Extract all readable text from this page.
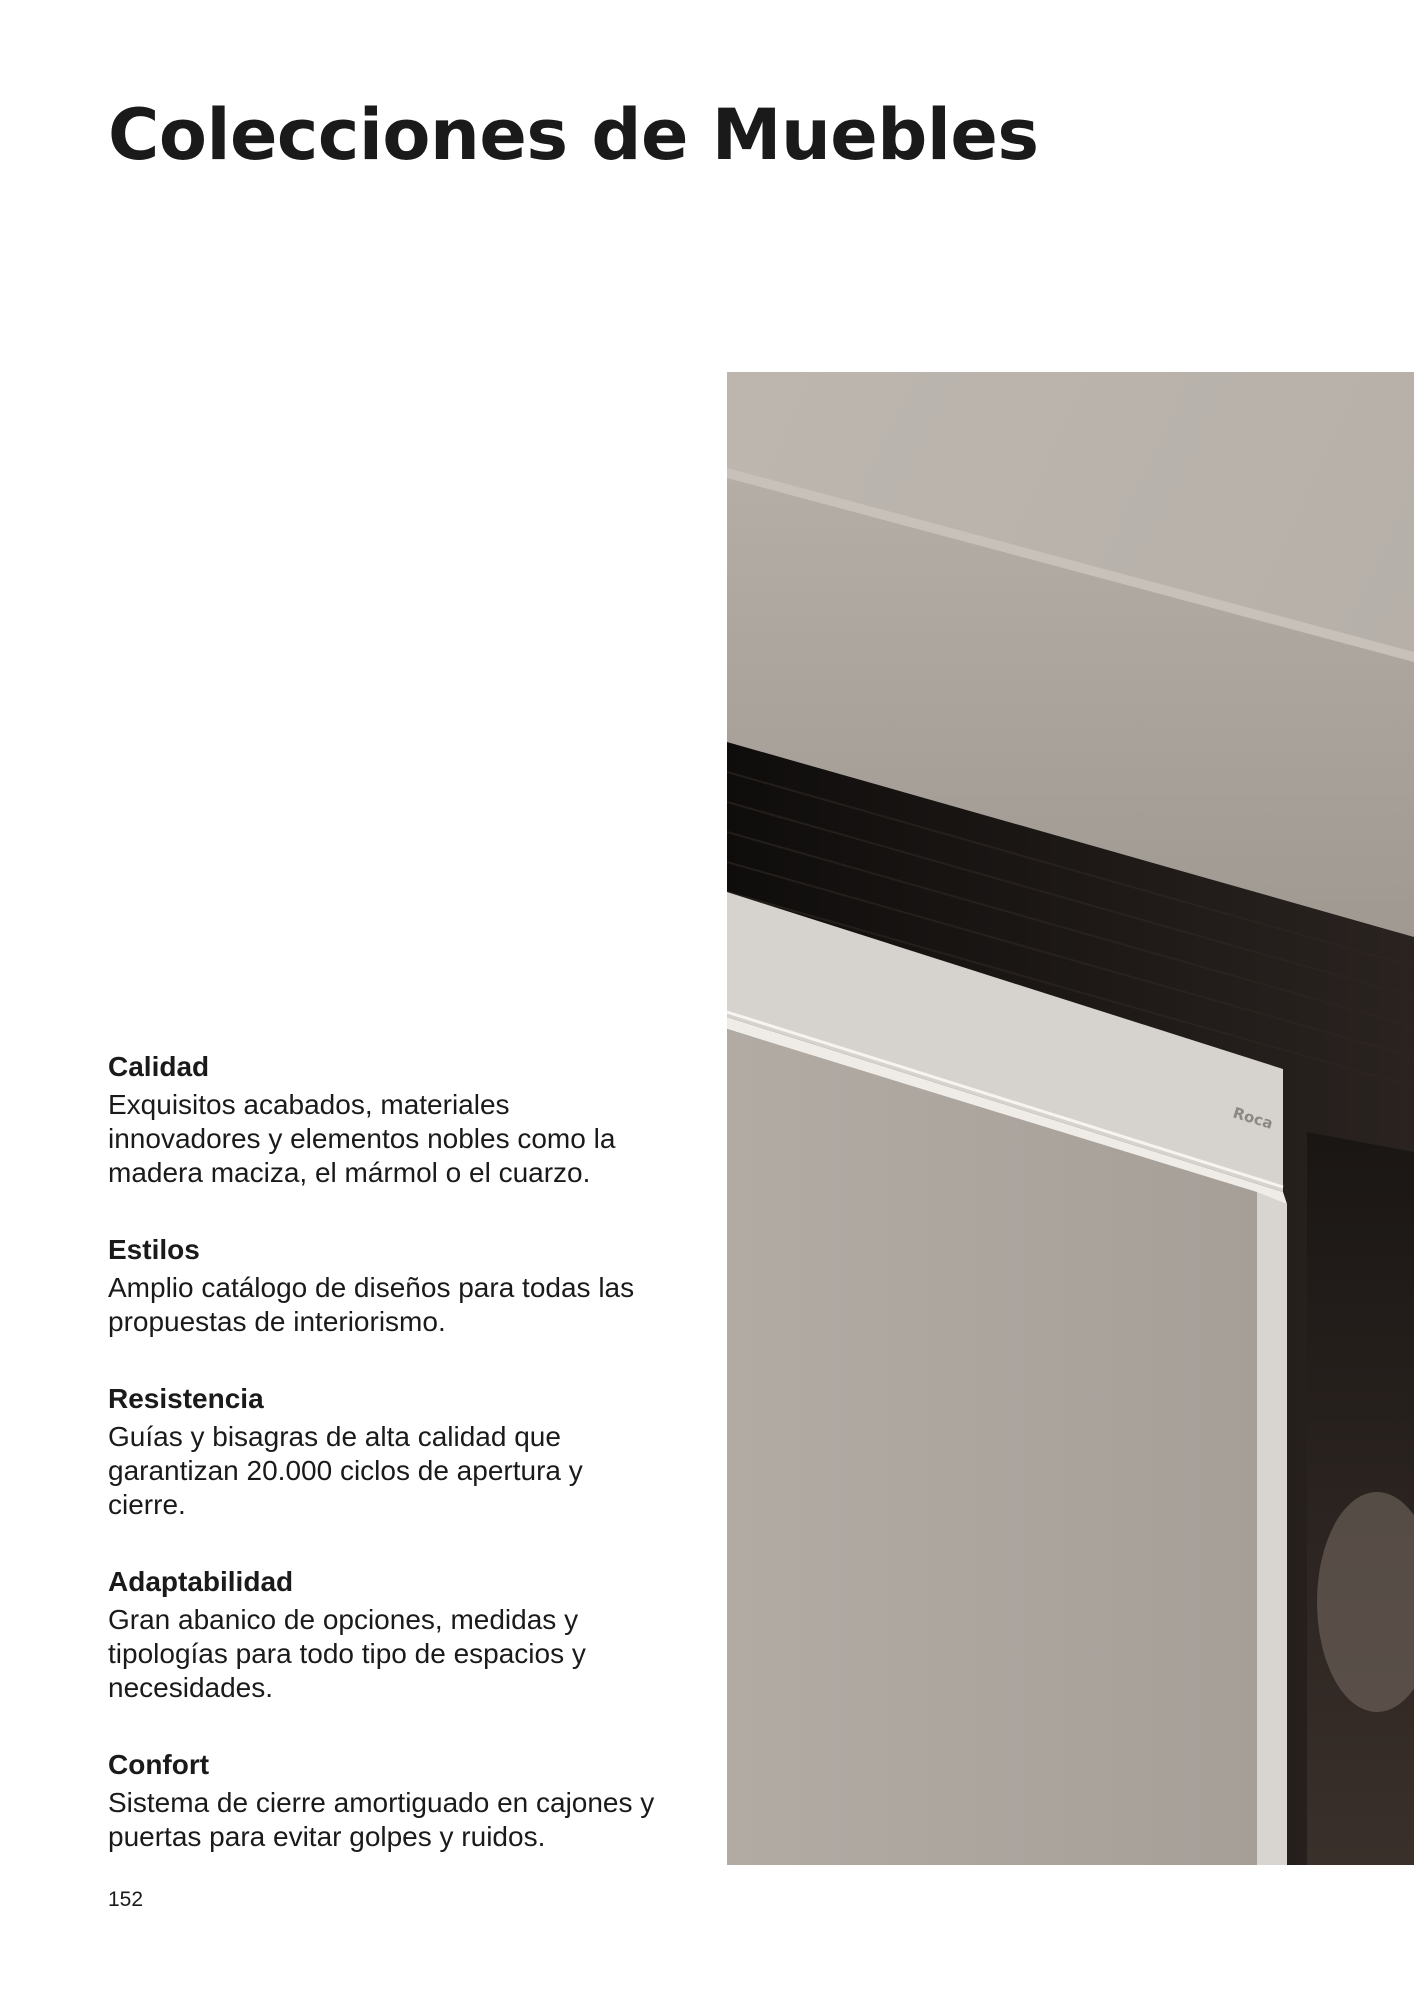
Colecciones de Muebles

Calidad

Exquisitos acabados, materiales innovadores y elementos nobles como la madera maciza, el mármol o el cuarzo.

Estilos

Amplio catálogo de diseños para todas las propuestas de interiorismo.

Resistencia

Guías y bisagras de alta calidad que garantizan 20.000 ciclos de apertura y cierre.

Adaptabilidad

Gran abanico de opciones, medidas y tipologías para todo tipo de espacios y necesidades.

Confort

Sistema de cierre amortiguado en cajones y puertas para evitar golpes y ruidos.

152
Roca
